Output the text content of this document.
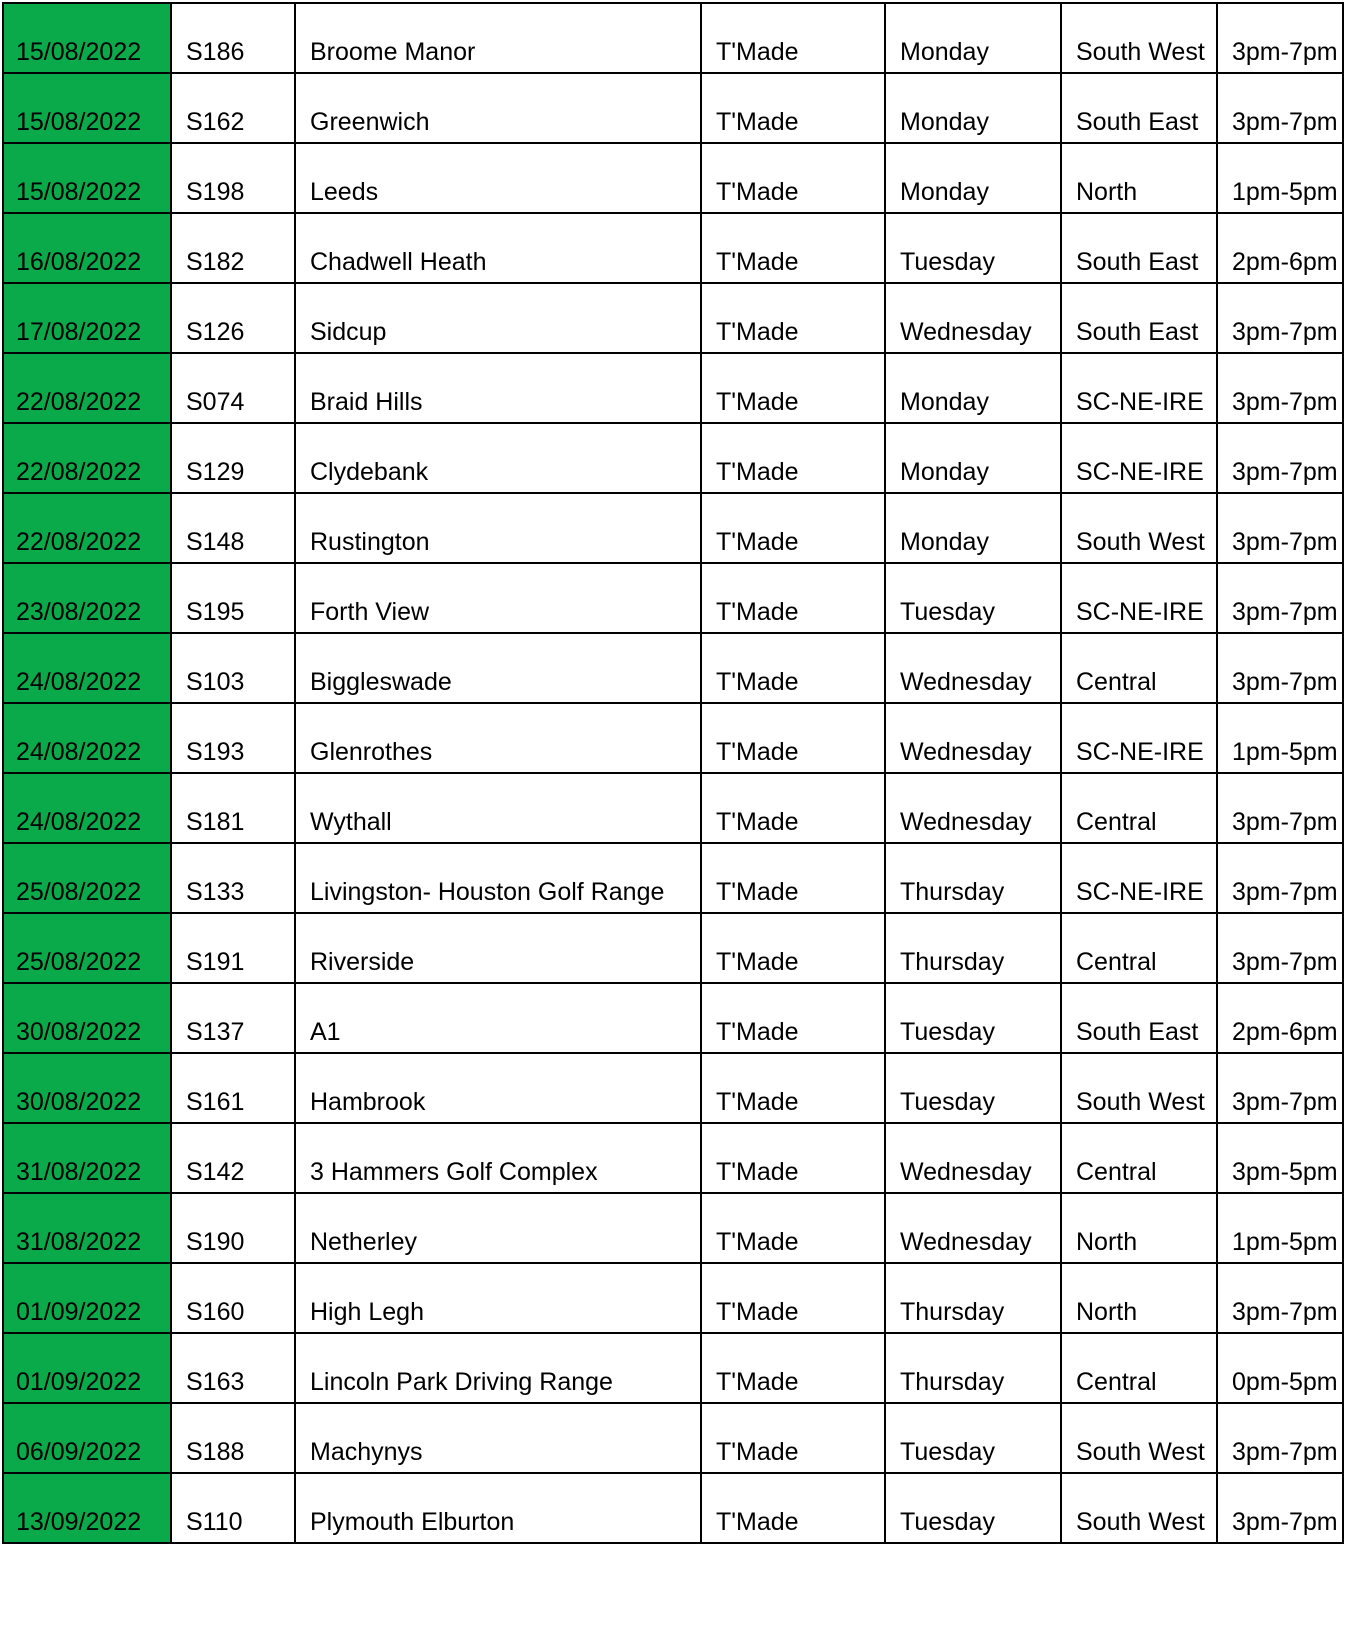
15/08/2022	S186	Broome Manor	T'Made	Monday	South West	3pm-7pm

15/08/2022	S162	Greenwich	T'Made	Monday	South East	3pm-7pm

15/08/2022	S198	Leeds	T'Made	Monday	North	1pm-5pm

16/08/2022	S182	Chadwell Heath	T'Made	Tuesday	South East	2pm-6pm

17/08/2022	S126	Sidcup	T'Made	Wednesday	South East	3pm-7pm

22/08/2022	S074	Braid Hills	T'Made	Monday	SC-NE-IRE	3pm-7pm

22/08/2022	S129	Clydebank	T'Made	Monday	SC-NE-IRE	3pm-7pm

22/08/2022	S148	Rustington	T'Made	Monday	South West	3pm-7pm

23/08/2022	S195	Forth View	T'Made	Tuesday	SC-NE-IRE	3pm-7pm

24/08/2022	S103	Biggleswade	T'Made	Wednesday	Central	3pm-7pm

24/08/2022	S193	Glenrothes	T'Made	Wednesday	SC-NE-IRE	1pm-5pm

24/08/2022	S181	Wythall	T'Made	Wednesday	Central	3pm-7pm

25/08/2022	S133	Livingston- Houston Golf Range	T'Made	Thursday	SC-NE-IRE	3pm-7pm

25/08/2022	S191	Riverside	T'Made	Thursday	Central	3pm-7pm

30/08/2022	S137	A1	T'Made	Tuesday	South East	2pm-6pm

30/08/2022	S161	Hambrook	T'Made	Tuesday	South West	3pm-7pm

31/08/2022	S142	3 Hammers Golf Complex	T'Made	Wednesday	Central	3pm-5pm

31/08/2022	S190	Netherley	T'Made	Wednesday	North	1pm-5pm

01/09/2022	S160	High Legh	T'Made	Thursday	North	3pm-7pm

01/09/2022	S163	Lincoln Park Driving Range	T'Made	Thursday	Central	0pm-5pm

06/09/2022	S188	Machynys	T'Made	Tuesday	South West	3pm-7pm

13/09/2022	S110	Plymouth Elburton	T'Made	Tuesday	South West	3pm-7pm
